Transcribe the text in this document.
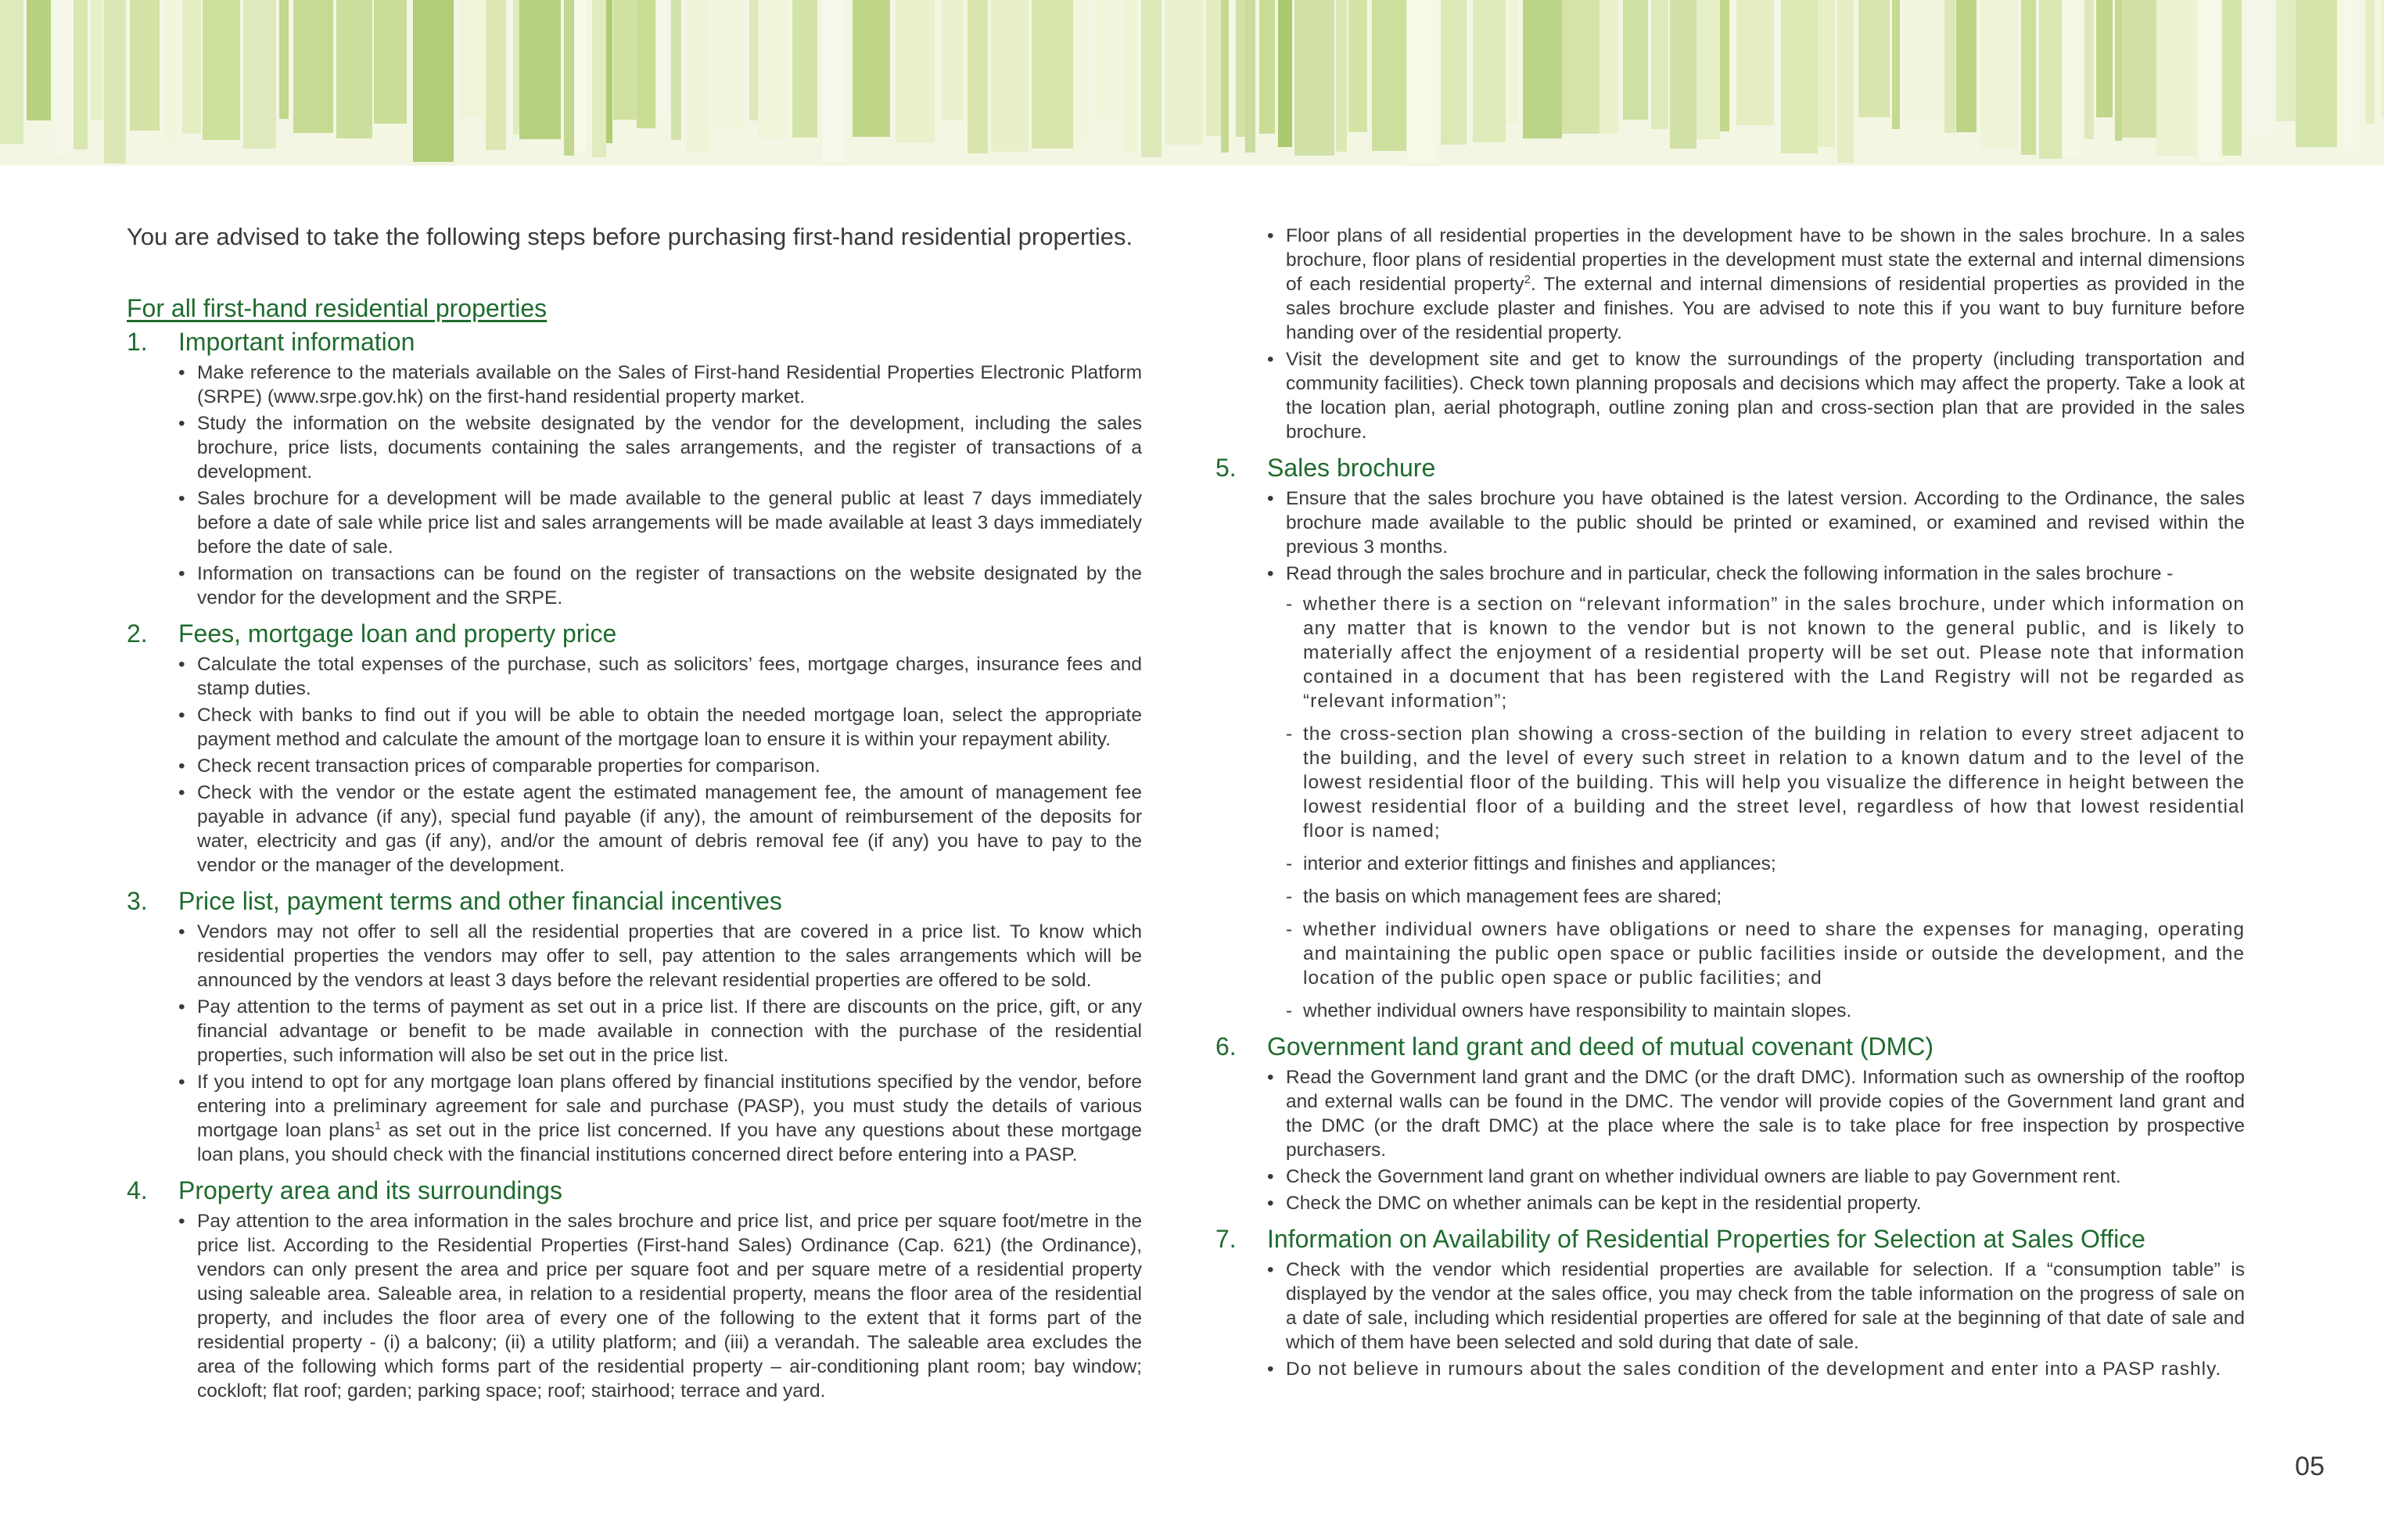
You are advised to take the following steps before purchasing first-hand residential properties.

For all first-hand residential properties
1.	Important information
• Make reference to the materials available on the Sales of First-hand Residential Properties Electronic Platform (SRPE) (www.srpe.gov.hk) on the first-hand residential property market.
• Study the information on the website designated by the vendor for the development, including the sales brochure, price lists, documents containing the sales arrangements, and the register of transactions of a development.
• Sales brochure for a development will be made available to the general public at least 7 days immediately before a date of sale while price list and sales arrangements will be made available at least 3 days immediately before the date of sale.
• Information on transactions can be found on the register of transactions on the website designated by the vendor for the development and the SRPE.
2.	Fees, mortgage loan and property price
• Calculate the total expenses of the purchase, such as solicitors’ fees, mortgage charges, insurance fees and stamp duties.
• Check with banks to find out if you will be able to obtain the needed mortgage loan, select the appropriate payment method and calculate the amount of the mortgage loan to ensure it is within your repayment ability.
• Check recent transaction prices of comparable properties for comparison.
• Check with the vendor or the estate agent the estimated management fee, the amount of management fee payable in advance (if any), special fund payable (if any), the amount of reimbursement of the deposits for water, electricity and gas (if any), and/or the amount of debris removal fee (if any) you have to pay to the vendor or the manager of the development.
3.	Price list, payment terms and other financial incentives
• Vendors may not offer to sell all the residential properties that are covered in a price list. To know which residential properties the vendors may offer to sell, pay attention to the sales arrangements which will be announced by the vendors at least 3 days before the relevant residential properties are offered to be sold.
• Pay attention to the terms of payment as set out in a price list. If there are discounts on the price, gift, or any financial advantage or benefit to be made available in connection with the purchase of the residential properties, such information will also be set out in the price list.
• If you intend to opt for any mortgage loan plans offered by financial institutions specified by the vendor, before entering into a preliminary agreement for sale and purchase (PASP), you must study the details of various mortgage loan plans$^1$ as set out in the price list concerned. If you have any questions about these mortgage loan plans, you should check with the financial institutions concerned direct before entering into a PASP.
4.	Property area and its surroundings
• Pay attention to the area information in the sales brochure and price list, and price per square foot/metre in the price list. According to the Residential Properties (First-hand Sales) Ordinance (Cap. 621) (the Ordinance), vendors can only present the area and price per square foot and per square metre of a residential property using saleable area. Saleable area, in relation to a residential property, means the floor area of the residential property, and includes the floor area of every one of the following to the extent that it forms part of the residential property - (i) a balcony; (ii) a utility platform; and (iii) a verandah. The saleable area excludes the area of the following which forms part of the residential property – air-conditioning plant room; bay window; cockloft; flat roof; garden; parking space; roof; stairhood; terrace and yard.
• Floor plans of all residential properties in the development have to be shown in the sales brochure. In a sales brochure, floor plans of residential properties in the development must state the external and internal dimensions of each residential property$^2$. The external and internal dimensions of residential properties as provided in the sales brochure exclude plaster and finishes. You are advised to note this if you want to buy furniture before handing over of the residential property.
• Visit the development site and get to know the surroundings of the property (including transportation and community facilities). Check town planning proposals and decisions which may affect the property. Take a look at the location plan, aerial photograph, outline zoning plan and cross-section plan that are provided in the sales brochure.
5.	Sales brochure
• Ensure that the sales brochure you have obtained is the latest version. According to the Ordinance, the sales brochure made available to the public should be printed or examined, or examined and revised within the previous 3 months.
• Read through the sales brochure and in particular, check the following information in the sales brochure -
- whether there is a section on “relevant information” in the sales brochure, under which information on any matter that is known to the vendor but is not known to the general public, and is likely to materially affect the enjoyment of a residential property will be set out. Please note that information contained in a document that has been registered with the Land Registry will not be regarded as “relevant information”;
- the cross-section plan showing a cross-section of the building in relation to every street adjacent to the building, and the level of every such street in relation to a known datum and to the level of the lowest residential floor of the building. This will help you visualize the difference in height between the lowest residential floor of a building and the street level, regardless of how that lowest residential floor is named;
- interior and exterior fittings and finishes and appliances;
- the basis on which management fees are shared;
- whether individual owners have obligations or need to share the expenses for managing, operating and maintaining the public open space or public facilities inside or outside the development, and the location of the public open space or public facilities; and
- whether individual owners have responsibility to maintain slopes.
6.	Government land grant and deed of mutual covenant (DMC)
• Read the Government land grant and the DMC (or the draft DMC). Information such as ownership of the rooftop and external walls can be found in the DMC. The vendor will provide copies of the Government land grant and the DMC (or the draft DMC) at the place where the sale is to take place for free inspection by prospective purchasers.
• Check the Government land grant on whether individual owners are liable to pay Government rent.
• Check the DMC on whether animals can be kept in the residential property.
7.	Information on Availability of Residential Properties for Selection at Sales Office
• Check with the vendor which residential properties are available for selection. If a “consumption table” is displayed by the vendor at the sales office, you may check from the table information on the progress of sale on a date of sale, including which residential properties are offered for sale at the beginning of that date of sale and which of them have been selected and sold during that date of sale.
• Do not believe in rumours about the sales condition of the development and enter into a PASP rashly.
05
